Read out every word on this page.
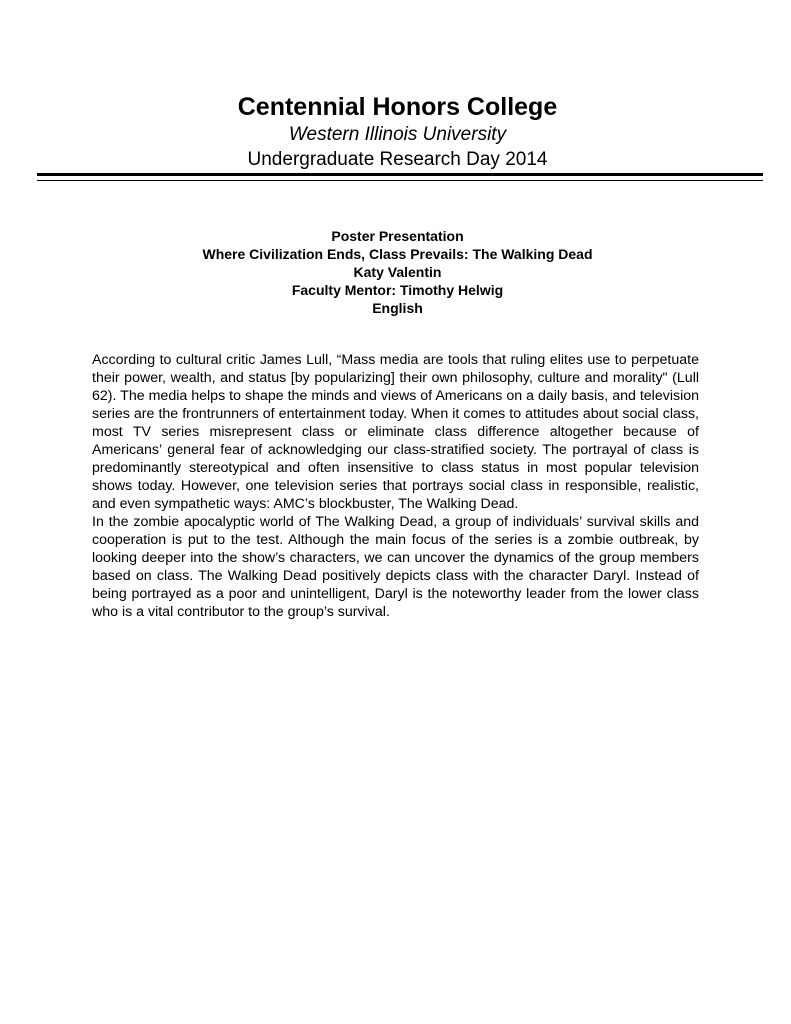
Centennial Honors College
Western Illinois University
Undergraduate Research Day 2014
Poster Presentation
Where Civilization Ends, Class Prevails: The Walking Dead
Katy Valentin
Faculty Mentor: Timothy Helwig
English

According to cultural critic James Lull, “Mass media are tools that ruling elites use to perpetuate their power, wealth, and status [by popularizing] their own philosophy, culture and morality" (Lull 62). The media helps to shape the minds and views of Americans on a daily basis, and television series are the frontrunners of entertainment today. When it comes to attitudes about social class, most TV series misrepresent class or eliminate class difference altogether because of Americans’ general fear of acknowledging our class-stratified society. The portrayal of class is predominantly stereotypical and often insensitive to class status in most popular television shows today. However, one television series that portrays social class in responsible, realistic, and even sympathetic ways: AMC’s blockbuster, The Walking Dead.

In the zombie apocalyptic world of The Walking Dead, a group of individuals’ survival skills and cooperation is put to the test. Although the main focus of the series is a zombie outbreak, by looking deeper into the show’s characters, we can uncover the dynamics of the group members based on class. The Walking Dead positively depicts class with the character Daryl. Instead of being portrayed as a poor and unintelligent, Daryl is the noteworthy leader from the lower class who is a vital contributor to the group’s survival.
